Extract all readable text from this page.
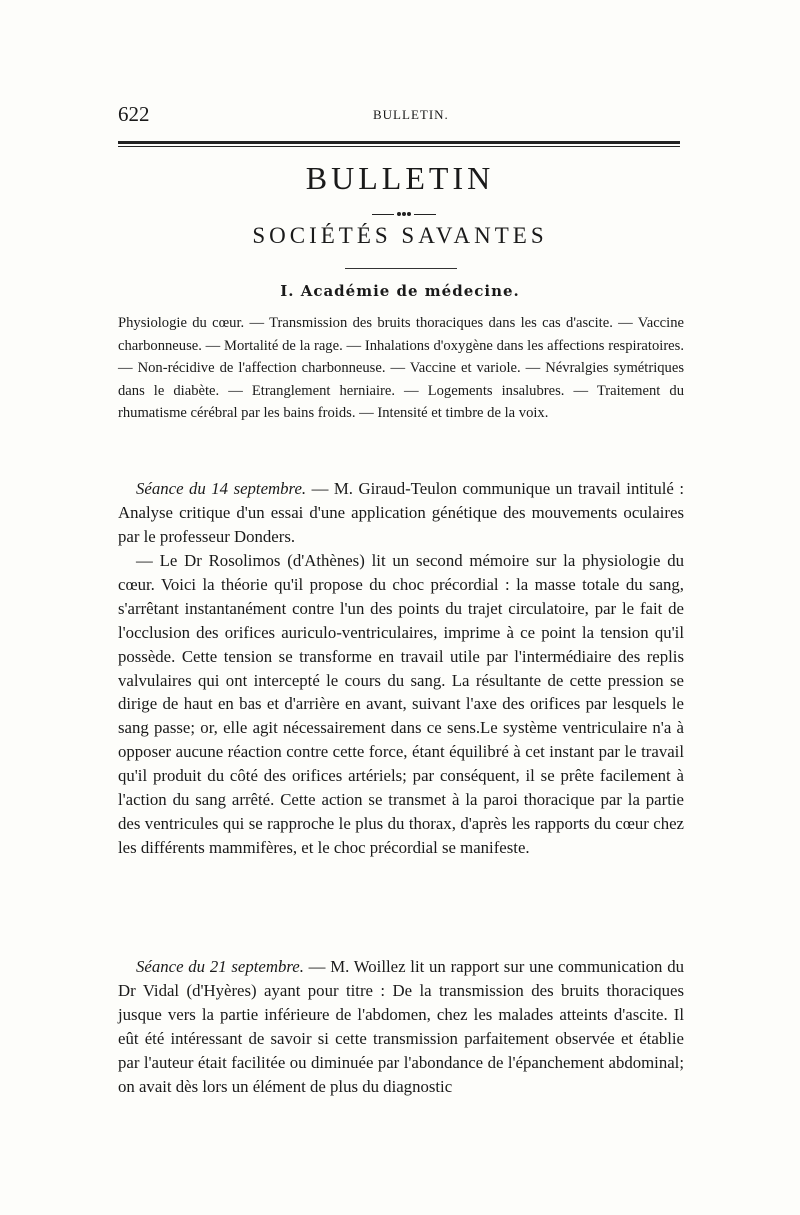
622	BULLETIN.
BULLETIN
SOCIÉTÉS SAVANTES
I. Académie de médecine.

Physiologie du cœur. — Transmission des bruits thoraciques dans les cas d'ascite. — Vaccine charbonneuse. — Mortalité de la rage. — Inhalations d'oxygène dans les affections respiratoires. — Non-récidive de l'affection charbonneuse. — Vaccine et variole. — Névralgies symétriques dans le diabète. — Etranglement herniaire. — Logements insalubres. — Traitement du rhumatisme cérébral par les bains froids. — Intensité et timbre de la voix.

Séance du 14 septembre. — M. Giraud-Teulon communique un travail intitulé : Analyse critique d'un essai d'une application génétique des mouvements oculaires par le professeur Donders.

— Le Dr Rosolimos (d'Athènes) lit un second mémoire sur la physiologie du cœur. Voici la théorie qu'il propose du choc précordial : la masse totale du sang, s'arrêtant instantanément contre l'un des points du trajet circulatoire, par le fait de l'occlusion des orifices auriculo-ventriculaires, imprime à ce point la tension qu'il possède. Cette tension se transforme en travail utile par l'intermédiaire des replis valvulaires qui ont intercepté le cours du sang. La résultante de cette pression se dirige de haut en bas et d'arrière en avant, suivant l'axe des orifices par lesquels le sang passe; or, elle agit nécessairement dans ce sens.Le système ventriculaire n'a à opposer aucune réaction contre cette force, étant équilibré à cet instant par le travail qu'il produit du côté des orifices artériels; par conséquent, il se prête facilement à l'action du sang arrêté. Cette action se transmet à la paroi thoracique par la partie des ventricules qui se rapproche le plus du thorax, d'après les rapports du cœur chez les différents mammifères, et le choc précordial se manifeste.

Séance du 21 septembre. — M. Woillez lit un rapport sur une communication du Dr Vidal (d'Hyères) ayant pour titre : De la transmission des bruits thoraciques jusque vers la partie inférieure de l'abdomen, chez les malades atteints d'ascite. Il eût été intéressant de savoir si cette transmission parfaitement observée et établie par l'auteur était facilitée ou diminuée par l'abondance de l'épanchement abdominal; on avait dès lors un élément de plus du diagnostic
